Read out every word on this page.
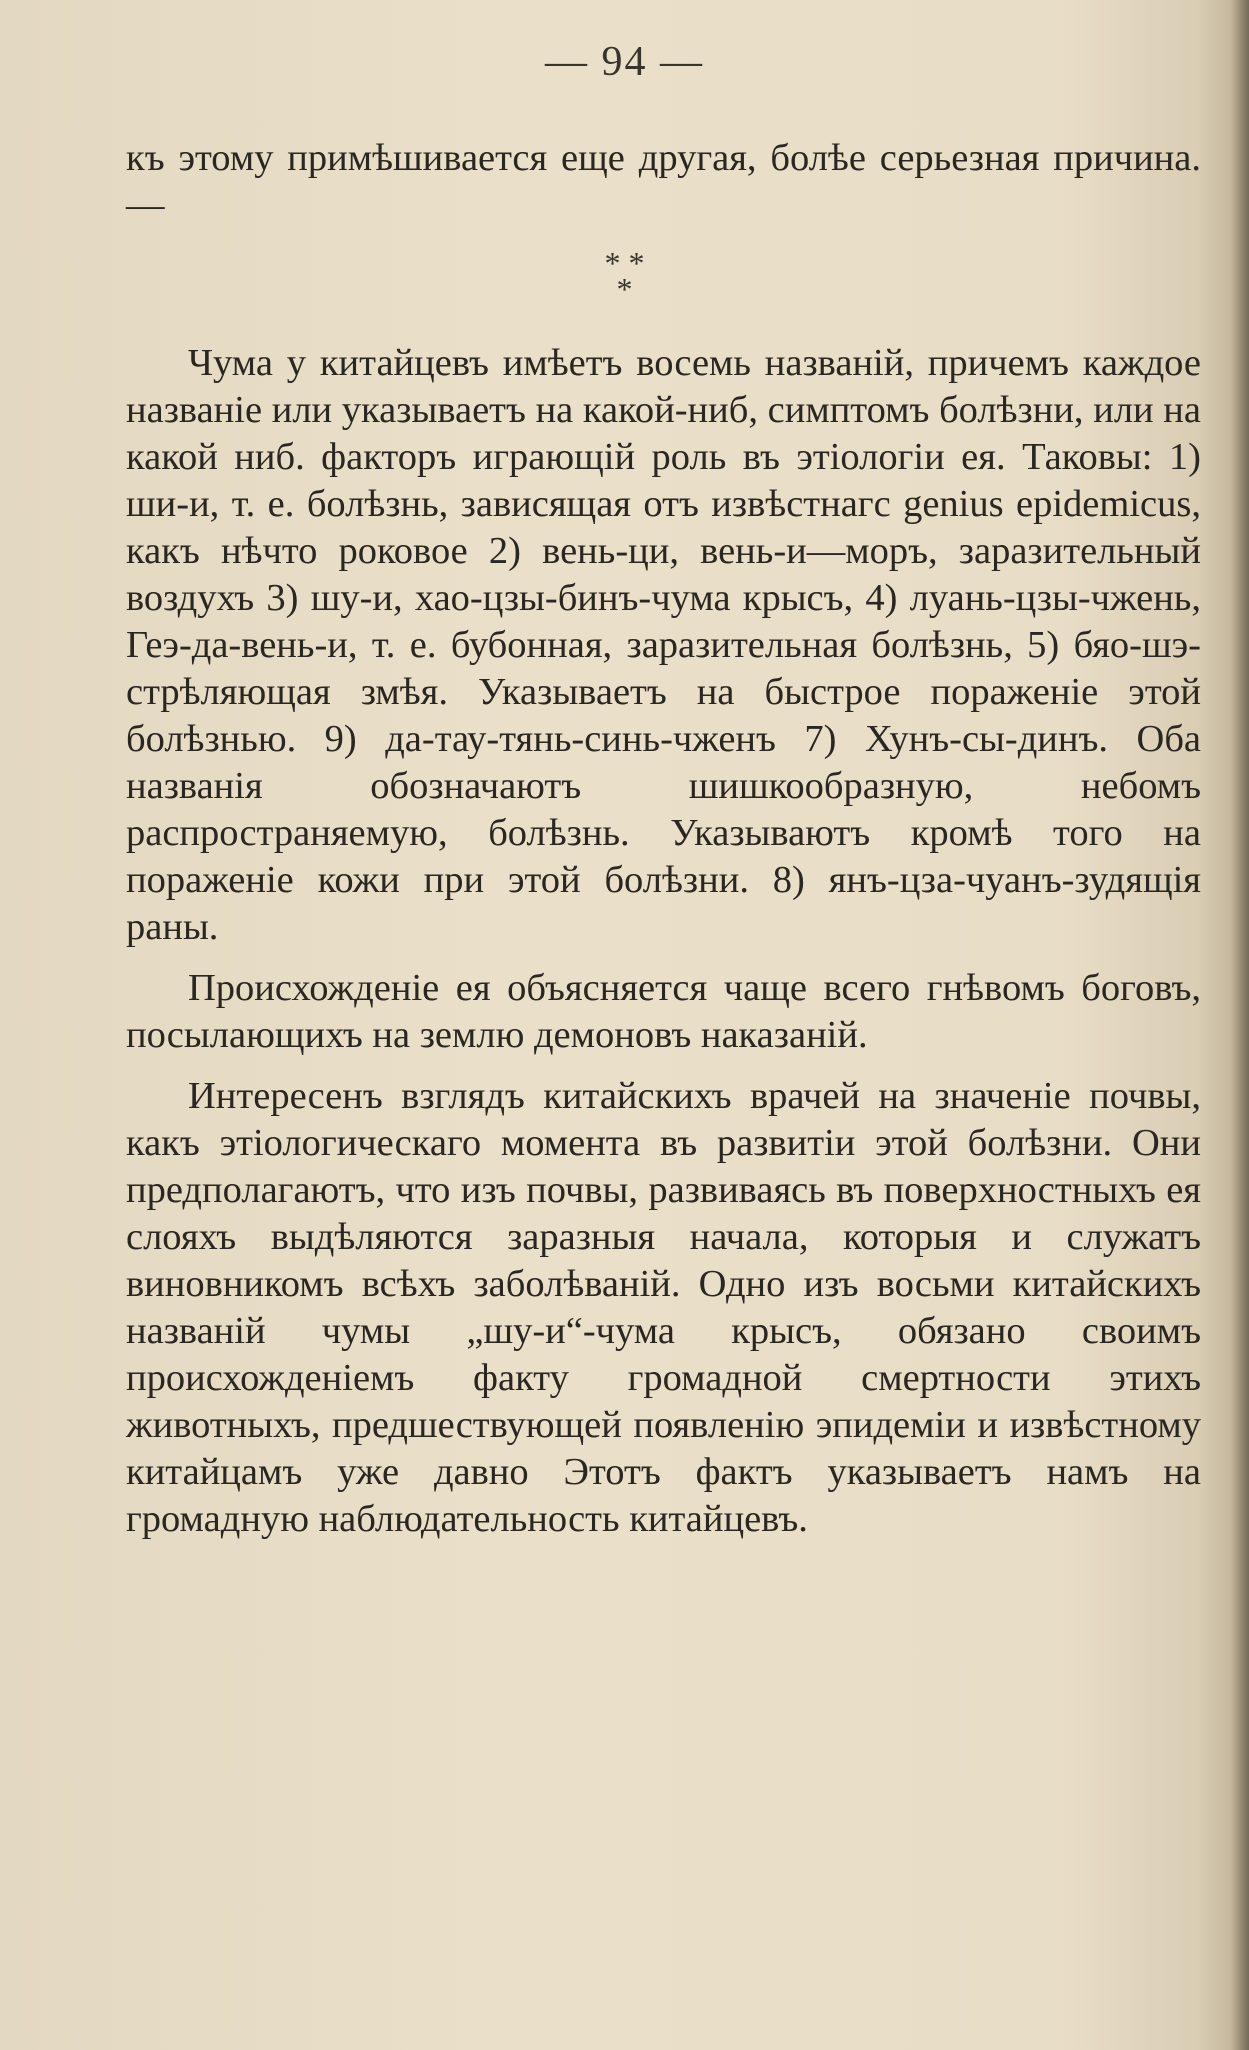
— 94 —

къ этому примѣшивается еще другая, болѣе серьезная причина.—

* *
*

Чума у китайцевъ имѣетъ восемь названій, причемъ каждое названіе или указываетъ на какой-ниб, симптомъ болѣзни, или на какой ниб. факторъ играющій роль въ этіологіи ея. Таковы: 1) ши-и, т. е. болѣзнь, зависящая отъ извѣстнагс genius epidemicus, какъ нѣчто роковое 2) вень-ци, вень-и—моръ, заразительный воздухъ 3) шу-и, хао-цзы-бинъ-чума крысъ, 4) луань-цзы-чжень, Геэ-да-вень-и, т. е. бубонная, заразительная болѣзнь, 5) бяо-шэ-стрѣляющая змѣя. Указываетъ на быстрое пораженіе этой болѣзнью. 9) да-тау-тянь-синь-чженъ 7) Хунъ-сы-динъ. Оба названія обозначаютъ шишкообразную, небомъ распространяемую, болѣзнь. Указываютъ кромѣ того на пораженіе кожи при этой болѣзни. 8) янъ-цза-чуанъ-зудящія раны.

Происхожденіе ея объясняется чаще всего гнѣвомъ боговъ, посылающихъ на землю демоновъ наказаній.

Интересенъ взглядъ китайскихъ врачей на значеніе почвы, какъ этіологическаго момента въ развитіи этой болѣзни. Они предполагаютъ, что изъ почвы, развиваясь въ поверхностныхъ ея слояхъ выдѣляются заразныя начала, которыя и служатъ виновникомъ всѣхъ заболѣваній. Одно изъ восьми китайскихъ названій чумы „шу-и“-чума крысъ, обязано своимъ происхожденіемъ факту громадной смертности этихъ животныхъ, предшествующей появленію эпидеміи и извѣстному китайцамъ уже давно Этотъ фактъ указываетъ намъ на громадную наблюдательность китайцевъ.
